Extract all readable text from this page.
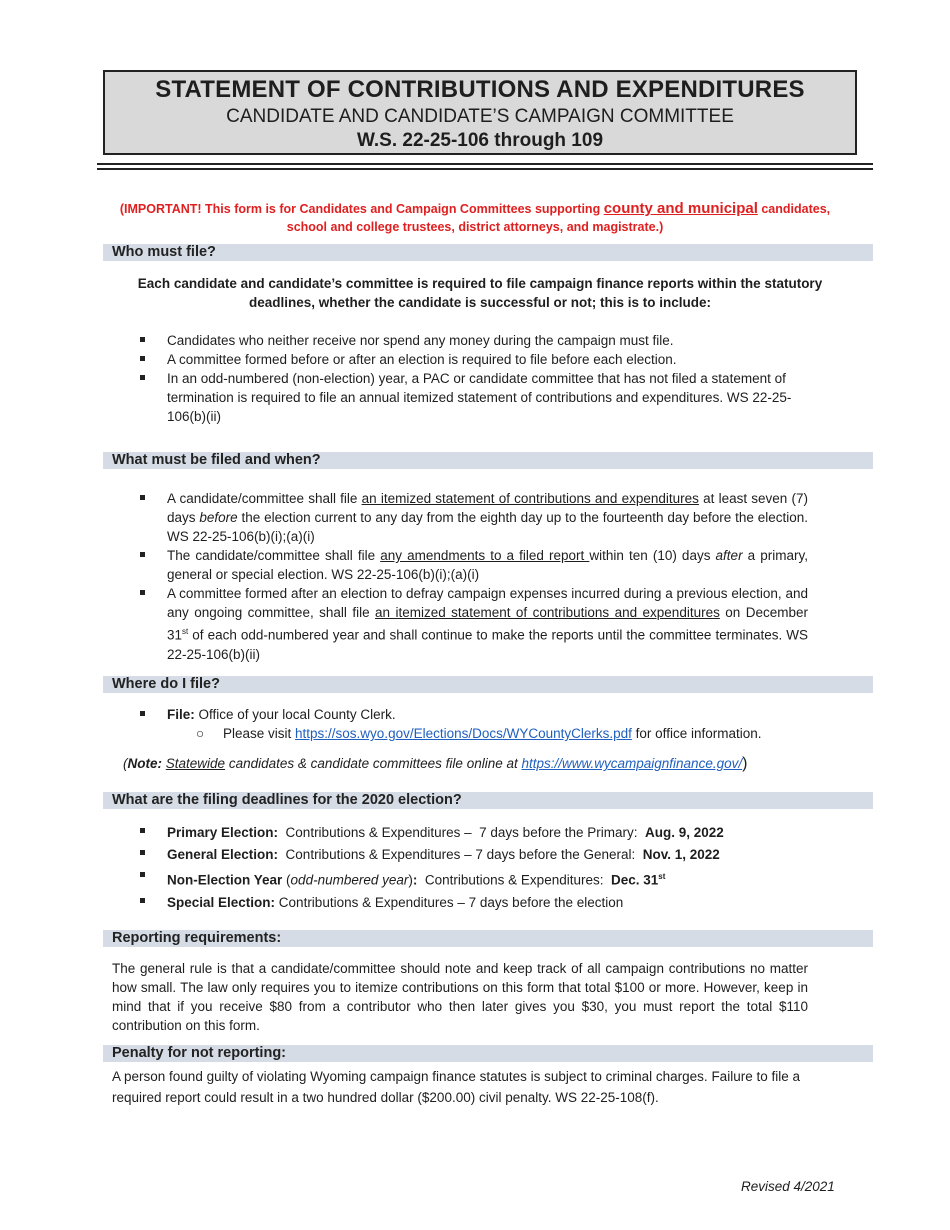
STATEMENT OF CONTRIBUTIONS AND EXPENDITURES
CANDIDATE AND CANDIDATE’S CAMPAIGN COMMITTEE
W.S. 22-25-106 through 109
(IMPORTANT! This form is for Candidates and Campaign Committees supporting county and municipal candidates, school and college trustees, district attorneys, and magistrate.)
Who must file?
Each candidate and candidate’s committee is required to file campaign finance reports within the statutory deadlines, whether the candidate is successful or not; this is to include:
Candidates who neither receive nor spend any money during the campaign must file.
A committee formed before or after an election is required to file before each election.
In an odd-numbered (non-election) year, a PAC or candidate committee that has not filed a statement of termination is required to file an annual itemized statement of contributions and expenditures. WS 22-25-106(b)(ii)
What must be filed and when?
A candidate/committee shall file an itemized statement of contributions and expenditures at least seven (7) days before the election current to any day from the eighth day up to the fourteenth day before the election. WS 22-25-106(b)(i);(a)(i)
The candidate/committee shall file any amendments to a filed report within ten (10) days after a primary, general or special election. WS 22-25-106(b)(i);(a)(i)
A committee formed after an election to defray campaign expenses incurred during a previous election, and any ongoing committee, shall file an itemized statement of contributions and expenditures on December 31st of each odd-numbered year and shall continue to make the reports until the committee terminates. WS 22-25-106(b)(ii)
Where do I file?
File: Office of your local County Clerk.
○ Please visit https://sos.wyo.gov/Elections/Docs/WYCountyClerks.pdf for office information.
(Note: Statewide candidates & candidate committees file online at https://www.wycampaignfinance.gov/)
What are the filing deadlines for the 2020 election?
Primary Election:  Contributions & Expenditures –  7 days before the Primary:  Aug. 9, 2022
General Election:  Contributions & Expenditures – 7 days before the General:  Nov. 1, 2022
Non-Election Year (odd-numbered year):  Contributions & Expenditures:  Dec. 31st
Special Election: Contributions & Expenditures – 7 days before the election
Reporting requirements:
The general rule is that a candidate/committee should note and keep track of all campaign contributions no matter how small. The law only requires you to itemize contributions on this form that total $100 or more. However, keep in mind that if you receive $80 from a contributor who then later gives you $30, you must report the total $110 contribution on this form.
Penalty for not reporting:
A person found guilty of violating Wyoming campaign finance statutes is subject to criminal charges. Failure to file a required report could result in a two hundred dollar ($200.00) civil penalty. WS 22-25-108(f).
Revised 4/2021
